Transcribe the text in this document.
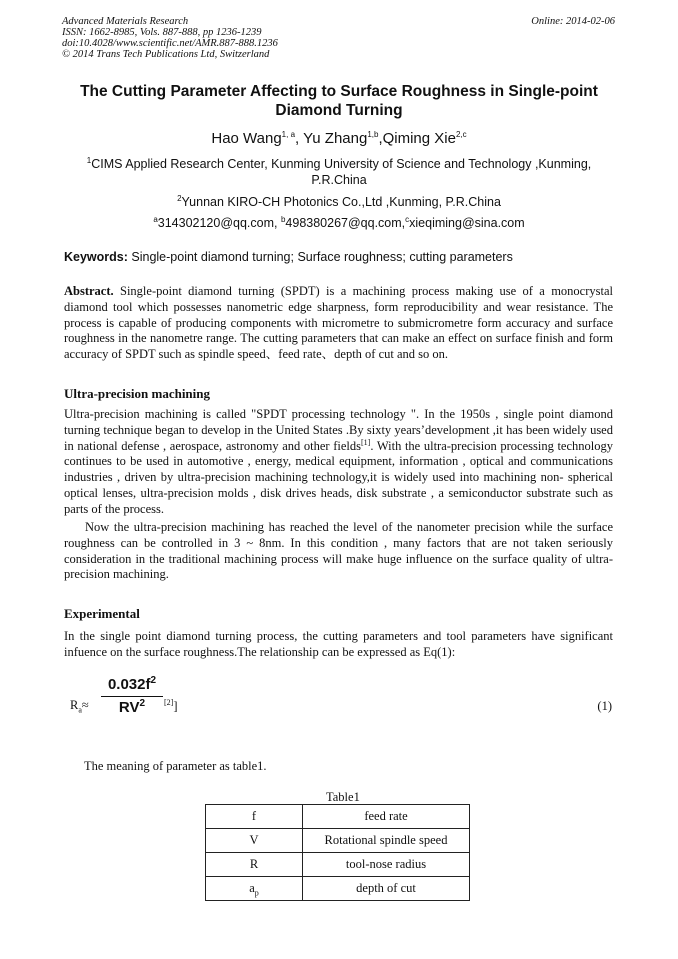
Advanced Materials Research
ISSN: 1662-8985, Vols. 887-888, pp 1236-1239
doi:10.4028/www.scientific.net/AMR.887-888.1236
© 2014 Trans Tech Publications Ltd, Switzerland
Online: 2014-02-06
The Cutting Parameter Affecting to Surface Roughness in Single-point
Diamond Turning
Hao Wang$^{1, a}$, Yu Zhang$^{1,b}$,Qiming Xie$^{2,c}$
$^1$CIMS Applied Research Center, Kunming University of Science and Technology ,Kunming,
P.R.China
$^2$Yunnan KIRO-CH Photonics Co.,Ltd ,Kunming, P.R.China
$^a$314302120@qq.com, $^b$498380267@qq.com,$^c$xieqiming@sina.com
Keywords: Single-point diamond turning; Surface roughness; cutting parameters
Abstract. Single-point diamond turning (SPDT) is a machining process making use of a monocrystal diamond tool which possesses nanometric edge sharpness, form reproducibility and wear resistance. The process is capable of producing components with micrometre to submicrometre form accuracy and surface roughness in the nanometre range. The cutting parameters that can make an effect on surface finish and form accuracy of SPDT such as spindle speed、feed rate、depth of cut and so on.
Ultra-precision machining
Ultra-precision machining is called "SPDT processing technology ". In the 1950s , single point diamond turning technique began to develop in the United States .By sixty years’development ,it has been widely used in national defense , aerospace, astronomy and other fields[1]. With the ultra-precision processing technology continues to be used in automotive , energy, medical equipment, information , optical and communications industries , driven by ultra-precision machining technology,it is widely used into machining non- spherical optical lenses, ultra-precision molds , disk drives heads, disk substrate , a semiconductor substrate such as parts of the process.
Now the ultra-precision machining has reached the level of the nanometer precision while the surface roughness can be controlled in 3 ~ 8nm. In this condition , many factors that are not taken seriously consideration in the traditional machining process will make huge influence on the surface quality of ultra-precision machining.
Experimental
In the single point diamond turning process, the cutting parameters and tool parameters have significant infuence on the surface roughness.The relationship can be expressed as Eq(1):
$R_a\approx$
$0.032f^2$
$RV^2$	[2]]	(1)
The meaning of parameter as table1.
Table1
f	feed rate
V	Rotational spindle speed
R	tool-nose radius
$a_p$	depth of cut
